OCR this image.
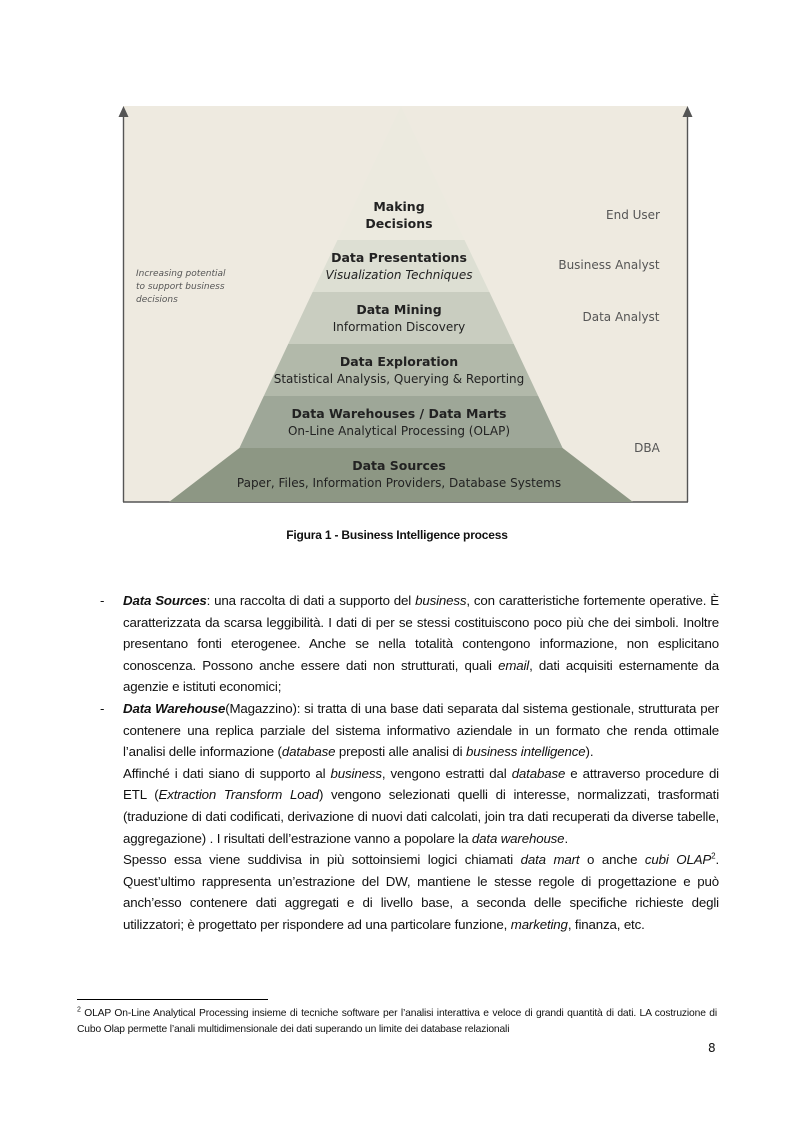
Making
Decisions
Data Presentations
Visualization Techniques
Data Mining
Information Discovery
Data Exploration
Statistical Analysis, Querying & Reporting
Data Warehouses / Data Marts
On-Line Analytical Processing (OLAP)
Data Sources
Paper, Files, Information Providers, Database Systems
Increasing potential
to support business
decisions
End User
Business Analyst
Data Analyst
DBA
Figura 1 - Business Intelligence process
- Data Sources: una raccolta di dati a supporto del business, con caratteristiche fortemente operative. È caratterizzata da scarsa leggibilità. I dati di per se stessi costituiscono poco più che dei simboli. Inoltre presentano fonti eterogenee. Anche se nella totalità contengono informazione, non esplicitano conoscenza. Possono anche essere dati non strutturati, quali email, dati acquisiti esternamente da agenzie e istituti economici;

- Data Warehouse(Magazzino): si tratta di una base dati separata dal sistema gestionale, strutturata per contenere una replica parziale del sistema informativo aziendale in un formato che renda ottimale l’analisi delle informazione (database preposti alle analisi di business intelligence).

Affinché i dati siano di supporto al business, vengono estratti dal database e attraverso procedure di ETL (Extraction Transform Load) vengono selezionati quelli di interesse, normalizzati, trasformati (traduzione di dati codificati, derivazione di nuovi dati calcolati, join tra dati recuperati da diverse tabelle, aggregazione) . I risultati dell’estrazione vanno a popolare la data warehouse.

Spesso essa viene suddivisa in più sottoinsiemi logici chiamati data mart o anche cubi OLAP$^2$. Quest’ultimo rappresenta un’estrazione del DW, mantiene le stesse regole di progettazione e può anch’esso contenere dati aggregati e di livello base, a seconda delle specifiche richieste degli utilizzatori; è progettato per rispondere ad una particolare funzione, marketing, finanza, etc.

$^2$ OLAP On-Line Analytical Processing insieme di tecniche software per l’analisi interattiva e veloce di grandi quantità di dati. LA costruzione di Cubo Olap permette l’anali multidimensionale dei dati superando un limite dei database relazionali
8
